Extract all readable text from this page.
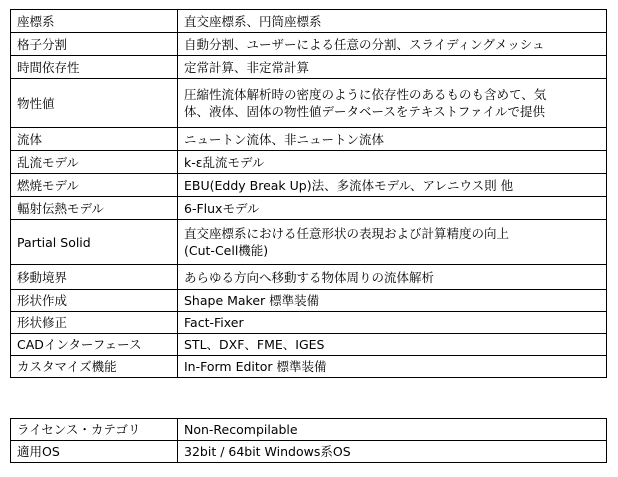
座標系	直交座標系、円筒座標系
格子分割	自動分割、ユーザーによる任意の分割、スライディングメッシュ
時間依存性	定常計算、非定常計算
物性値	圧縮性流体解析時の密度のように依存性のあるものも含めて、気
体、液体、固体の物性値データベースをテキストファイルで提供

流体	ニュートン流体、非ニュートン流体
乱流モデル	k-ε乱流モデル
燃焼モデル	EBU(Eddy Break Up)法、多流体モデル、アレニウス則 他
輻射伝熱モデル	6-Fluxモデル
Partial Solid	直交座標系における任意形状の表現および計算精度の向上
(Cut-Cell機能)

移動境界	あらゆる方向へ移動する物体周りの流体解析
形状作成	Shape Maker 標準装備
形状修正	Fact-Fixer
CADインターフェース	STL、DXF、FME、IGES
カスタマイズ機能	In-Form Editor 標準装備
ライセンス・カテゴリ	Non-Recompilable
適用OS	32bit / 64bit Windows系OS
